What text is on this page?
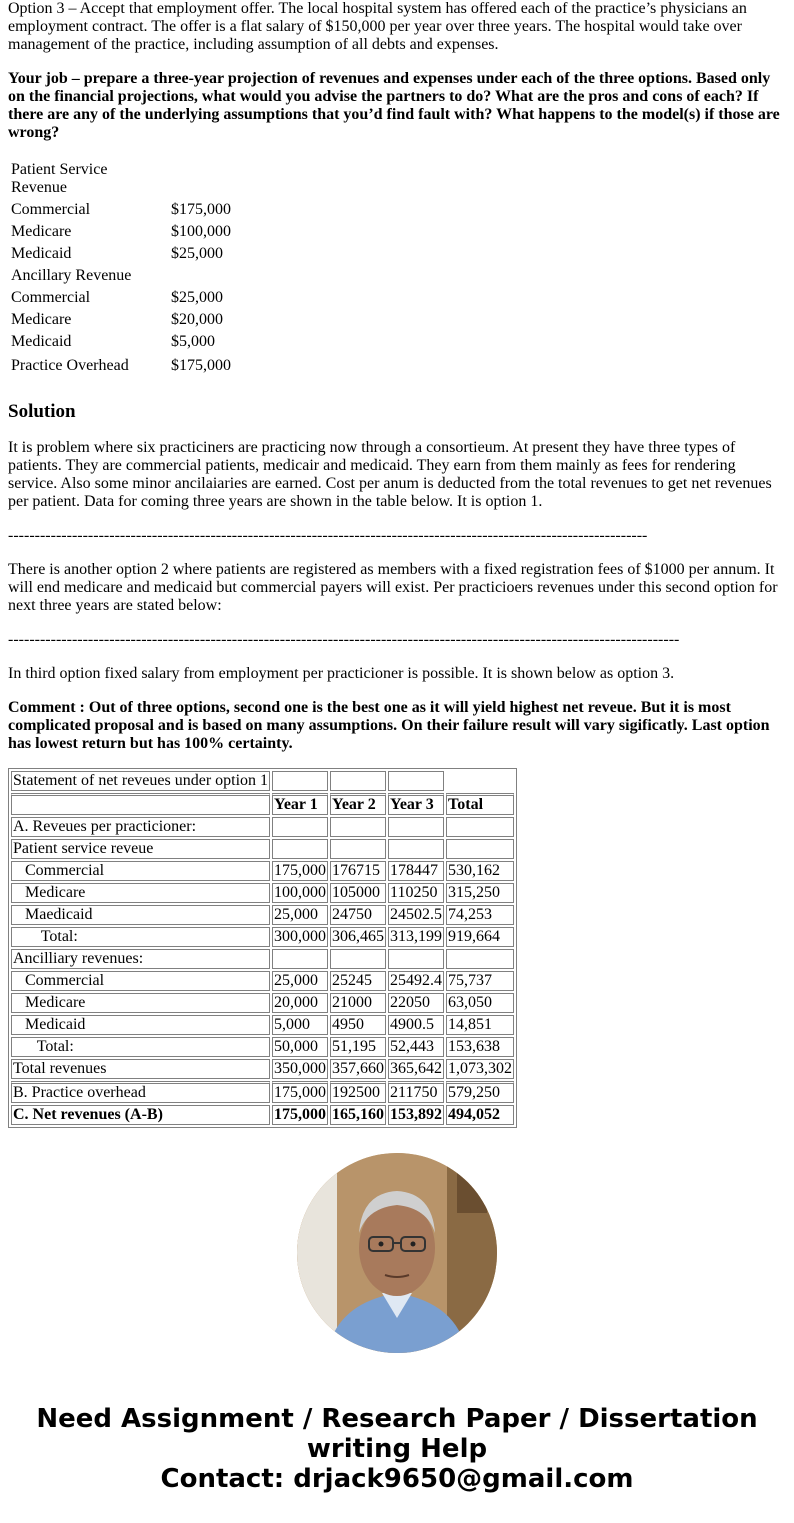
Option 3 – Accept that employment offer. The local hospital system has offered each of the practice’s physicians an employment contract. The offer is a flat salary of $150,000 per year over three years. The hospital would take over management of the practice, including assumption of all debts and expenses.

Your job – prepare a three-year projection of revenues and expenses under each of the three options. Based only on the financial projections, what would you advise the partners to do? What are the pros and cons of each? If there are any of the underlying assumptions that you’d find fault with? What happens to the model(s) if those are wrong?

Patient Service Revenue	
Commercial	$175,000
Medicare	$100,000
Medicaid	$25,000
Ancillary Revenue	
Commercial	$25,000
Medicare	$20,000
Medicaid	$5,000
Practice Overhead	$175,000
Solution

It is problem where six practiciners are practicing now through a consortieum. At present they have three types of patients. They are commercial patients, medicair and medicaid. They earn from them mainly as fees for rendering service. Also some minor ancilaiaries are earned. Cost per anum is deducted from the total revenues to get net revenues per patient. Data for coming three years are shown in the table below. It is option 1.

------------------------------------------------------------------------------------------------------------------------

There is another option 2 where patients are registered as members with a fixed registration fees of $1000 per annum. It will end medicare and medicaid but commercial payers will exist. Per practicioers revenues under this second option for next three years are stated below:

------------------------------------------------------------------------------------------------------------------------------

In third option fixed salary from employment per practicioner is possible. It is shown below as option 3.

Comment : Out of three options, second one is the best one as it will yield highest net reveue. But it is most complicated proposal and is based on many assumptions. On their failure result will vary sigificatly. Last option has lowest return but has 100% certainty.

Statement of net reveues under option 1				
	Year 1	Year 2	Year 3	Total
A. Reveues per practicioner:				
Patient service reveue				
Commercial	175,000	176715	178447	530,162
Medicare	100,000	105000	110250	315,250
Maedicaid	25,000	24750	24502.5	74,253
Total:	300,000	306,465	313,199	919,664
Ancilliary revenues:				
Commercial	25,000	25245	25492.4	75,737
Medicare	20,000	21000	22050	63,050
Medicaid	5,000	4950	4900.5	14,851
Total:	50,000	51,195	52,443	153,638
Total revenues	350,000	357,660	365,642	1,073,302
B. Practice overhead	175,000	192500	211750	579,250
C. Net revenues (A-B)	175,000	165,160	153,892	494,052
Need Assignment / Research Paper / Dissertation
writing Help
Contact: drjack9650@gmail.com
